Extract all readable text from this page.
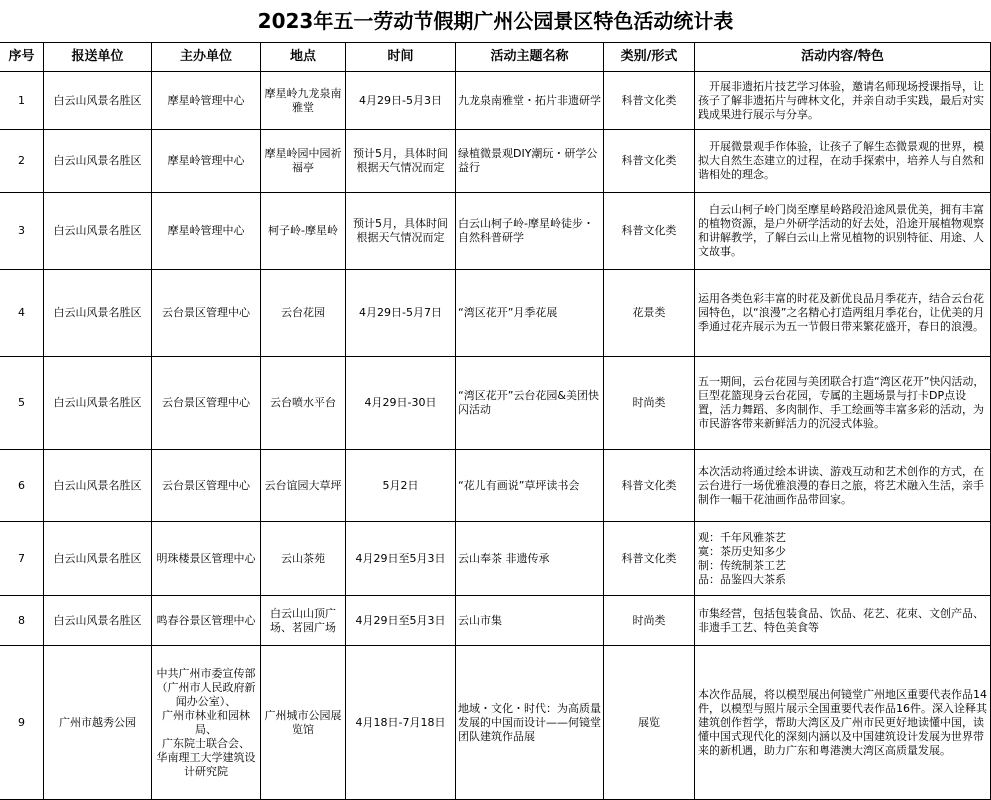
2023年五一劳动节假期广州公园景区特色活动统计表
序号	报送单位	主办单位	地点	时间	活动主题名称	类别/形式	活动内容/特色
1	白云山风景名胜区	摩星岭管理中心	摩星岭九龙泉南雅堂	4月29日-5月3日	九龙泉南雅堂・拓片非遗研学	科普文化类	开展非遗拓片技艺学习体验，邀请名师现场授课指导，让孩子了解非遗拓片与碑林文化，并亲自动手实践，最后对实践成果进行展示与分享。
2	白云山风景名胜区	摩星岭管理中心	摩星岭园中园祈福亭	预计5月，具体时间根据天气情况而定	绿植微景观DIY潮玩・研学公益行	科普文化类	开展微景观手作体验，让孩子了解生态微景观的世界，模拟大自然生态建立的过程，在动手探索中，培养人与自然和谐相处的理念。
3	白云山风景名胜区	摩星岭管理中心	柯子岭-摩星岭	预计5月，具体时间根据天气情况而定	白云山柯子岭-摩星岭徒步・自然科普研学	科普文化类	白云山柯子岭门岗至摩星岭路段沿途风景优美，拥有丰富的植物资源，是户外研学活动的好去处，沿途开展植物观察和讲解教学，了解白云山上常见植物的识别特征、用途、人文故事。
4	白云山风景名胜区	云台景区管理中心	云台花园	4月29日-5月7日	“湾区花开”月季花展	花景类	运用各类色彩丰富的时花及新优良品月季花卉，结合云台花园特色，以“浪漫”之名精心打造两组月季花台，让优美的月季通过花卉展示为五一节假日带来繁花盛开，春日的浪漫。
5	白云山风景名胜区	云台景区管理中心	云台喷水平台	4月29日-30日	“湾区花开”云台花园&美团快闪活动	时尚类	五一期间，云台花园与美团联合打造“湾区花开”快闪活动，巨型花篮现身云台花园，专属的主题场景与打卡DP点设置，活力舞蹈、多肉制作、手工绘画等丰富多彩的活动，为市民游客带来新鲜活力的沉浸式体验。
6	白云山风景名胜区	云台景区管理中心	云台谊园大草坪	5月2日	“花儿有画说”草坪读书会	科普文化类	本次活动将通过绘本讲读、游戏互动和艺术创作的方式，在云台进行一场优雅浪漫的春日之旅，将艺术融入生活，亲手制作一幅干花油画作品带回家。
7	白云山风景名胜区	明珠楼景区管理中心	云山茶苑	4月29日至5月3日	云山奉茶 非遗传承	科普文化类	观：千年风雅茶艺
寞：茶历史知多少
制：传统制茶工艺
品：品鉴四大茶系

8	白云山风景名胜区	鸣春谷景区管理中心	白云山山顶广场、茗园广场	4月29日至5月3日	云山市集	时尚类	市集经营，包括包装食品、饮品、花艺、花束、文创产品、非遗手工艺、特色美食等
9	广州市越秀公园	中共广州市委宣传部
（广州市人民政府新闻办公室）、
广州市林业和园林局、
广东院士联合会、
华南理工大学建筑设计研究院	广州城市公园展览馆	4月18日-7月18日	地域・文化・时代：为高质量发展的中国而设计——何镜堂团队建筑作品展	展览	本次作品展，将以模型展出何镜堂广州地区重要代表作品14件，以模型与照片展示全国重要代表作品16件。深入诠释其建筑创作哲学，帮助大湾区及广州市民更好地读懂中国，读懂中国式现代化的深刻内涵以及中国建筑设计发展为世界带来的新机遇，助力广东和粤港澳大湾区高质量发展。
